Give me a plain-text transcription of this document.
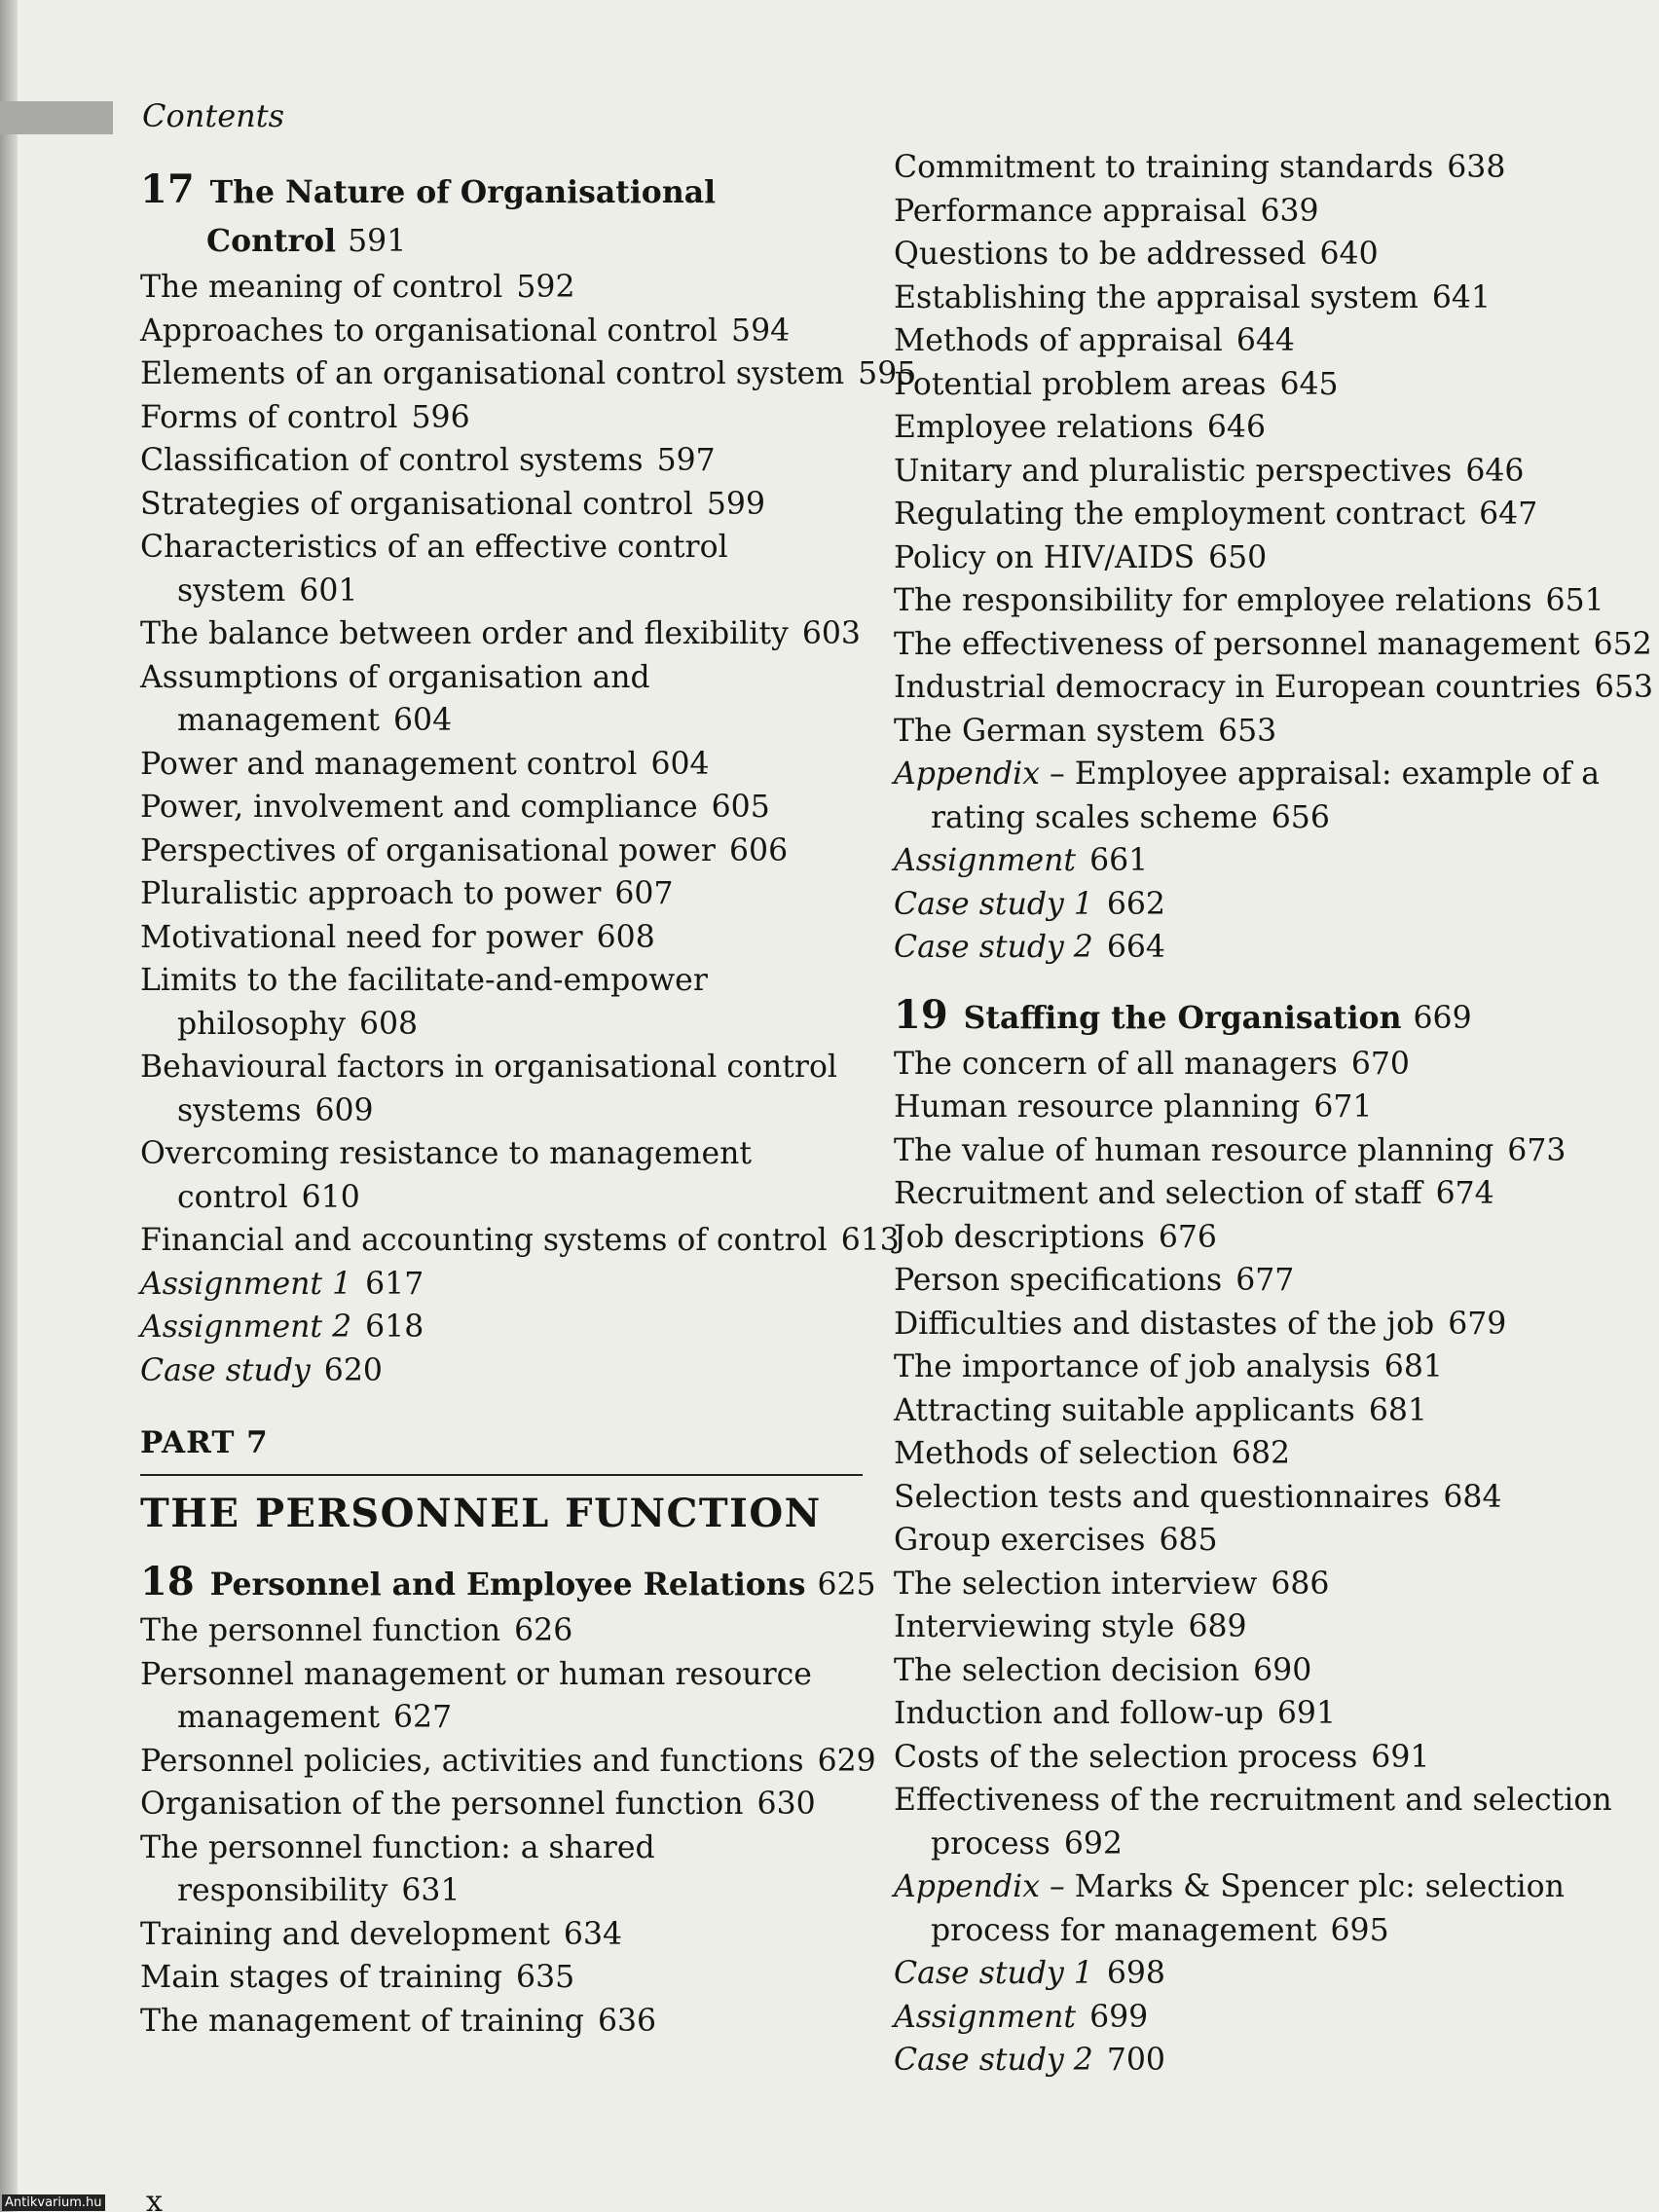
Contents
17 The Nature of Organisational
Control 591
The meaning of control 592
Approaches to organisational control 594
Elements of an organisational control system 595
Forms of control 596
Classification of control systems 597
Strategies of organisational control 599
Characteristics of an effective control
system 601
The balance between order and flexibility 603
Assumptions of organisation and
management 604
Power and management control 604
Power, involvement and compliance 605
Perspectives of organisational power 606
Pluralistic approach to power 607
Motivational need for power 608
Limits to the facilitate-and-empower
philosophy 608
Behavioural factors in organisational control
systems 609
Overcoming resistance to management
control 610
Financial and accounting systems of control 613
Assignment 1 617
Assignment 2 618
Case study 620
PART 7
THE PERSONNEL FUNCTION
18 Personnel and Employee Relations 625
The personnel function 626
Personnel management or human resource
management 627
Personnel policies, activities and functions 629
Organisation of the personnel function 630
The personnel function: a shared
responsibility 631
Training and development 634
Main stages of training 635
The management of training 636
Commitment to training standards 638
Performance appraisal 639
Questions to be addressed 640
Establishing the appraisal system 641
Methods of appraisal 644
Potential problem areas 645
Employee relations 646
Unitary and pluralistic perspectives 646
Regulating the employment contract 647
Policy on HIV/AIDS 650
The responsibility for employee relations 651
The effectiveness of personnel management 652
Industrial democracy in European countries 653
The German system 653
Appendix – Employee appraisal: example of a
rating scales scheme 656
Assignment 661
Case study 1 662
Case study 2 664
19 Staffing the Organisation 669
The concern of all managers 670
Human resource planning 671
The value of human resource planning 673
Recruitment and selection of staff 674
Job descriptions 676
Person specifications 677
Difficulties and distastes of the job 679
The importance of job analysis 681
Attracting suitable applicants 681
Methods of selection 682
Selection tests and questionnaires 684
Group exercises 685
The selection interview 686
Interviewing style 689
The selection decision 690
Induction and follow-up 691
Costs of the selection process 691
Effectiveness of the recruitment and selection
process 692
Appendix – Marks & Spencer plc: selection
process for management 695
Case study 1 698
Assignment 699
Case study 2 700
x
Antikvarium.hu
